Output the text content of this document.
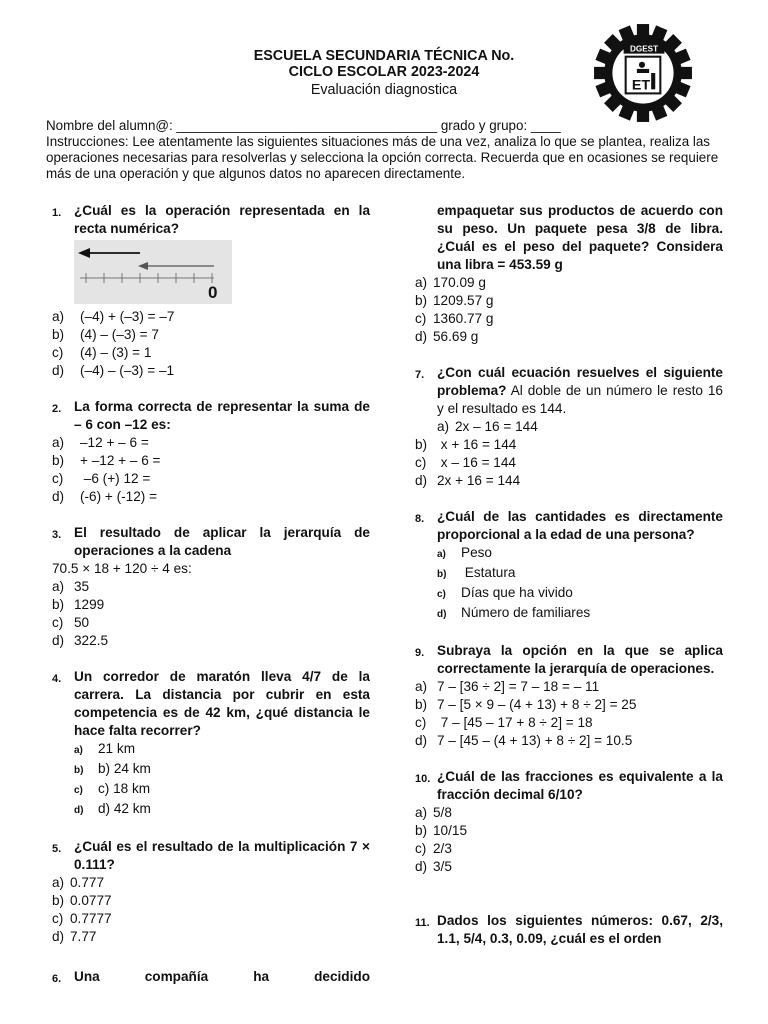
ESCUELA SECUNDARIA TÉCNICA No.
CICLO ESCOLAR 2023-2024
Evaluación diagnostica
DGEST
ET
Nombre del alumn@: ___________________________________ grado y grupo: ____
Instrucciones: Lee atentamente las siguientes situaciones más de una vez, analiza lo que se plantea, realiza las operaciones necesarias para resolverlas y selecciona la opción correcta. Recuerda que en ocasiones se requiere más de una operación y que algunos datos no aparecen directamente.
1. ¿Cuál es la operación representada en la recta numérica?
0
a) (–4) + (–3) = –7
b) (4) – (–3) = 7
c) (4) – (3) = 1
d) (–4) – (–3) = –1
2. La forma correcta de representar la suma de – 6 con –12 es:
a) –12 + – 6 =
b) + –12 + – 6 =
c) –6 (+) 12 =
d) (-6) + (-12) =
3. El resultado de aplicar la jerarquía de operaciones a la cadena
70.5 × 18 + 120 ÷ 4 es:
a) 35
b) 1299
c) 50
d) 322.5
4. Un corredor de maratón lleva 4/7 de la carrera. La distancia por cubrir en esta competencia es de 42 km, ¿qué distancia le hace falta recorrer?
a) 21 km
b) b) 24 km
c) c) 18 km
d) d) 42 km
5. ¿Cuál es el resultado de la multiplicación 7 × 0.111?
a) 0.777
b) 0.0777
c) 0.7777
d) 7.77
6. Una compañía ha decidido
empaquetar sus productos de acuerdo con su peso. Un paquete pesa 3/8 de libra. ¿Cuál es el peso del paquete? Considera una libra = 453.59 g
a) 170.09 g
b) 1209.57 g
c) 1360.77 g
d) 56.69 g
7. ¿Con cuál ecuación resuelves el siguiente problema? Al doble de un número le resto 16 y el resultado es 144.
a) 2x – 16 = 144
b) x + 16 = 144
c) x – 16 = 144
d) 2x + 16 = 144
8. ¿Cuál de las cantidades es directamente proporcional a la edad de una persona?
a) Peso
b) Estatura
c) Días que ha vivido
d) Número de familiares
9. Subraya la opción en la que se aplica correctamente la jerarquía de operaciones.
a) 7 – [36 ÷ 2] = 7 – 18 = – 11
b) 7 – [5 × 9 – (4 + 13) + 8 ÷ 2] = 25
c) 7 – [45 – 17 + 8 ÷ 2] = 18
d) 7 – [45 – (4 + 13) + 8 ÷ 2] = 10.5
10. ¿Cuál de las fracciones es equivalente a la fracción decimal 6/10?
a) 5/8
b) 10/15
c) 2/3
d) 3/5
11. Dados los siguientes números: 0.67, 2/3, 1.1, 5/4, 0.3, 0.09, ¿cuál es el orden
